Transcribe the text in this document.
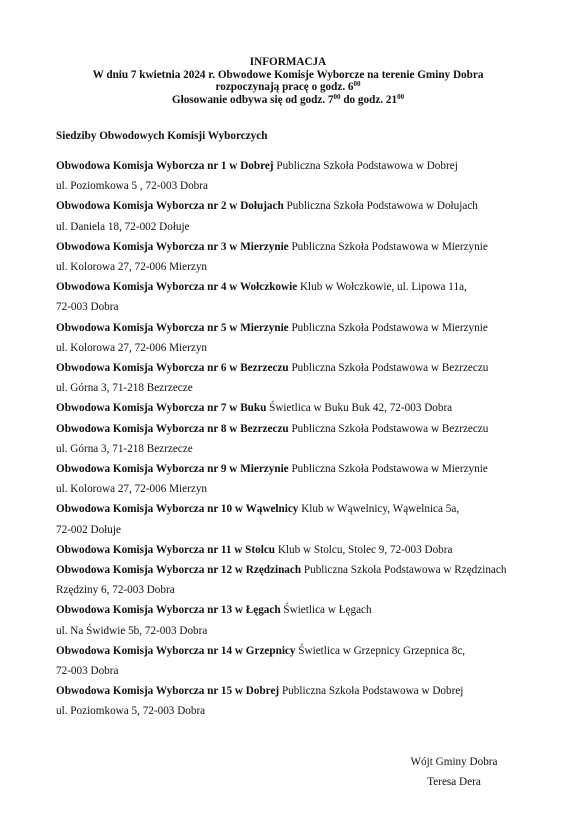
INFORMACJA
W dniu 7 kwietnia 2024 r. Obwodowe Komisje Wyborcze na terenie Gminy Dobra
rozpoczynają pracę o godz. $6^{00}$
Głosowanie odbywa się od godz. $7^{00}$ do godz. $21^{00}$
Siedziby Obwodowych Komisji Wyborczych

Obwodowa Komisja Wyborcza nr 1 w Dobrej Publiczna Szkoła Podstawowa w Dobrej
ul. Poziomkowa 5 , 72-003 Dobra

Obwodowa Komisja Wyborcza nr 2 w Dołujach Publiczna Szkoła Podstawowa w Dołujach
ul. Daniela 18, 72-002 Dołuje

Obwodowa Komisja Wyborcza nr 3 w Mierzynie Publiczna Szkoła Podstawowa w Mierzynie
ul. Kolorowa 27, 72-006 Mierzyn

Obwodowa Komisja Wyborcza nr 4 w Wołczkowie Klub w Wołczkowie, ul. Lipowa 11a,
72-003 Dobra

Obwodowa Komisja Wyborcza nr 5 w Mierzynie Publiczna Szkoła Podstawowa w Mierzynie
ul. Kolorowa 27, 72-006 Mierzyn

Obwodowa Komisja Wyborcza nr 6 w Bezrzeczu Publiczna Szkoła Podstawowa w Bezrzeczu
ul. Górna 3, 71-218 Bezrzecze

Obwodowa Komisja Wyborcza nr 7 w Buku Świetlica w Buku Buk 42, 72-003 Dobra

Obwodowa Komisja Wyborcza nr 8 w Bezrzeczu Publiczna Szkoła Podstawowa w Bezrzeczu
ul. Górna 3, 71-218 Bezrzecze

Obwodowa Komisja Wyborcza nr 9 w Mierzynie Publiczna Szkoła Podstawowa w Mierzynie
ul. Kolorowa 27, 72-006 Mierzyn

Obwodowa Komisja Wyborcza nr 10 w Wąwelnicy Klub w Wąwelnicy, Wąwelnica 5a,
72-002 Dołuje

Obwodowa Komisja Wyborcza nr 11 w Stolcu Klub w Stolcu, Stolec 9, 72-003 Dobra

Obwodowa Komisja Wyborcza nr 12 w Rzędzinach Publiczna Szkoła Podstawowa w Rzędzinach
Rzędziny 6, 72-003 Dobra

Obwodowa Komisja Wyborcza nr 13 w Łęgach Świetlica w Łęgach
ul. Na Świdwie 5b, 72-003 Dobra

Obwodowa Komisja Wyborcza nr 14 w Grzepnicy Świetlica w Grzepnicy Grzepnica 8c,
72-003 Dobra

Obwodowa Komisja Wyborcza nr 15 w Dobrej Publiczna Szkoła Podstawowa w Dobrej
ul. Poziomkowa 5, 72-003 Dobra

Wójt Gminy Dobra
Teresa Dera
